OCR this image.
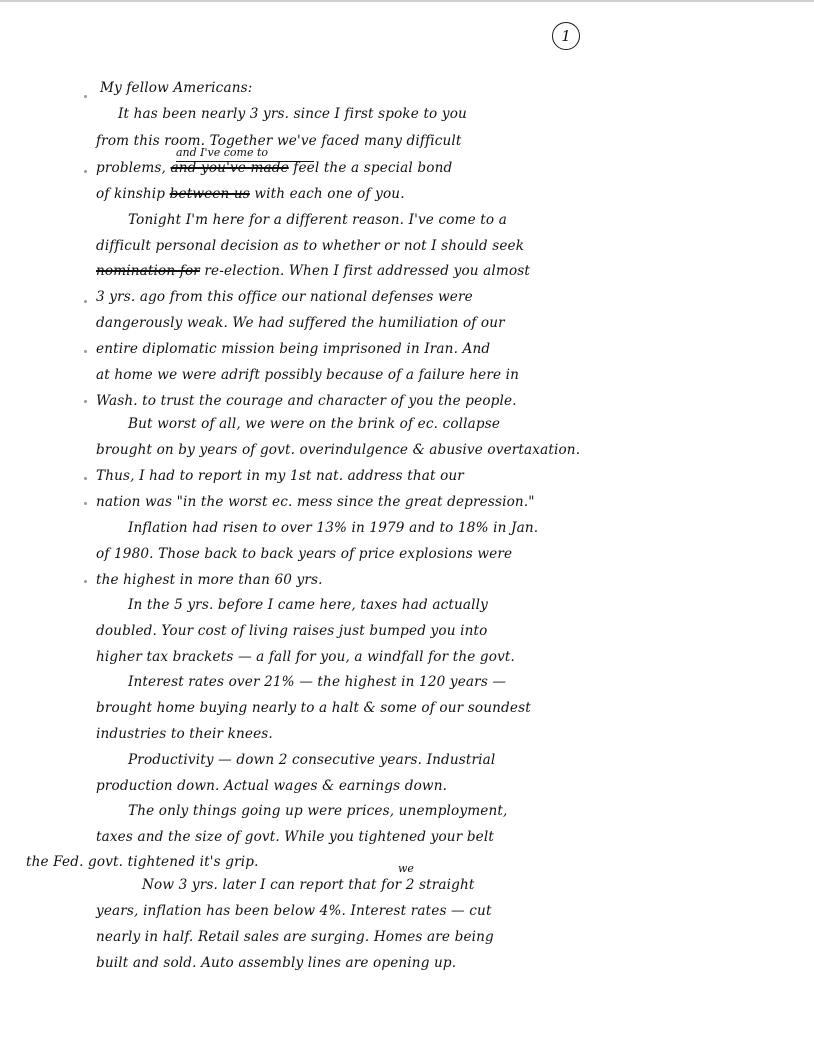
1

My fellow Americans:

It has been nearly 3 yrs. since I first spoke to you

from this room. Together we've faced many difficult

and I've come to

problems, and you've made feel the a special bond

of kinship between us with each one of you.

Tonight I'm here for a different reason. I've come to a

difficult personal decision as to whether or not I should seek

nomination for re-election. When I first addressed you almost

3 yrs. ago from this office our national defenses were

dangerously weak. We had suffered the humiliation of our

entire diplomatic mission being imprisoned in Iran. And

at home we were adrift possibly because of a failure here in

Wash. to trust the courage and character of you the people.

But worst of all, we were on the brink of ec. collapse

brought on by years of govt. overindulgence & abusive overtaxation.

Thus, I had to report in my 1st nat. address that our

nation was "in the worst ec. mess since the great depression."

Inflation had risen to over 13% in 1979 and to 18% in Jan.

of 1980. Those back to back years of price explosions were

the highest in more than 60 yrs.

In the 5 yrs. before I came here, taxes had actually

doubled. Your cost of living raises just bumped you into

higher tax brackets — a fall for you, a windfall for the govt.

Interest rates over 21% — the highest in 120 years —

brought home buying nearly to a halt & some of our soundest

industries to their knees.

Productivity — down 2 consecutive years. Industrial

production down. Actual wages & earnings down.

The only things going up were prices, unemployment,

taxes and the size of govt. While you tightened your belt

the Fed. govt. tightened it's grip.	we

Now 3 yrs. later I can report that for 2 straight

years, inflation has been below 4%. Interest rates — cut

nearly in half. Retail sales are surging. Homes are being

built and sold. Auto assembly lines are opening up.
